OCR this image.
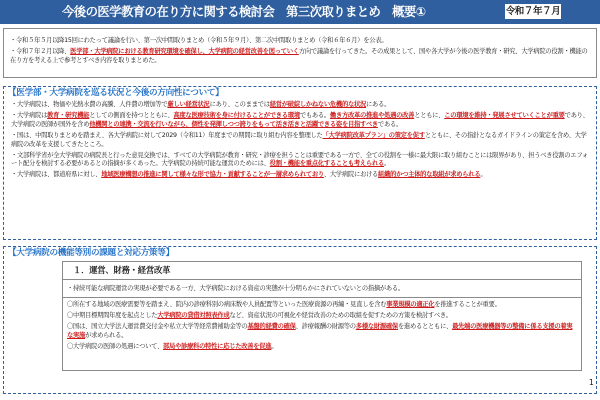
今後の医学教育の在り方に関する検討会　第三次取りまとめ　概要①	令和７年７月

・令和５年５月以降15回にわたって議論を行い、第一次中間取りまとめ（令和５年９月）、第二次中間取りまとめ（令和６年６月）を公表。

・令和７年２月以降、医学部・大学病院における教育研究環境を確保し、大学病院の経営改善を図っていく方向で議論を行ってきた。その成果として、国や各大学が今後の医学教育・研究、大学病院の役割・機能の在り方を考える上で参考とすべき内容を取りまとめた。

【医学部・大学病院を巡る状況と今後の方向性について】

・大学病院は、物価や光熱水費の高騰、人件費の増加等で厳しい経営状況にあり、このままでは経営が破綻しかねない危機的な状況にある。

・大学病院は教育・研究機能としての側面を持つとともに、高度な医療技術を身に付けることができる環境でもある。働き方改革の推進や処遇の改善とともに、この環境を維持・発展させていくことが重要であり、大学病院の医師が国外を含め他機関との連携・交流を行いながら、個性を発揮しつつ誇りをもって活き活きと活躍できる姿を目指すべきである。

・国は、中間取りまとめを踏まえ、各大学病院に対して2029（令和11）年度までの期間に取り組む内容を整理した「大学病院改革プラン」の策定を促すとともに、その指針となるガイドラインの策定を含め、大学病院の改革を支援してきたところ。

・文部科学省が全大学病院の病院長と行った意見交換では、すべての大学病院が教育・研究・診療を担うことは重要である一方で、全ての役割を一様に最大限に取り組むことには限界があり、担うべき役割のエフォート配分を検討する必要があるとの指摘が多くあった。大学病院の持続可能な運営のためには、役割・機能を重点化することも考えられる。

・大学病院は、都道府県に対し、地域医療構想の推進に関して様々な形で協力・貢献することが一層求められており、大学病院における組織的かつ主体的な取組が求められる。

【大学病院の機能等別の課題と対応方策等】
１．運営、財務・経営改革
・持続可能な病院運営の実現が必要である一方、大学病院における資産の実態が十分明らかにされていないとの指摘がある。

〇所在する地域の医療需要等を踏まえ、院内の診療科別の病床数や人員配置等といった医療資源の再編・見直しを含む事業規模の適正化を推進することが重要。

〇中期目標期間年度を起点とした大学病院の貸借対照表作成など、資産状況の可視化や経営改善のための取組を促すための方策を検討すべき。

〇国は、国立大学法人運営費交付金や私立大学等経常費補助金等の基盤的経費の確保、診療報酬の財源等の多様な財源確保を進めるとともに、最先端の医療機器等の整備に係る支援の着実な実施が求められる。

〇大学病院の医師の処遇について、部局や診療科の特性に応じた改善を促進。

1
